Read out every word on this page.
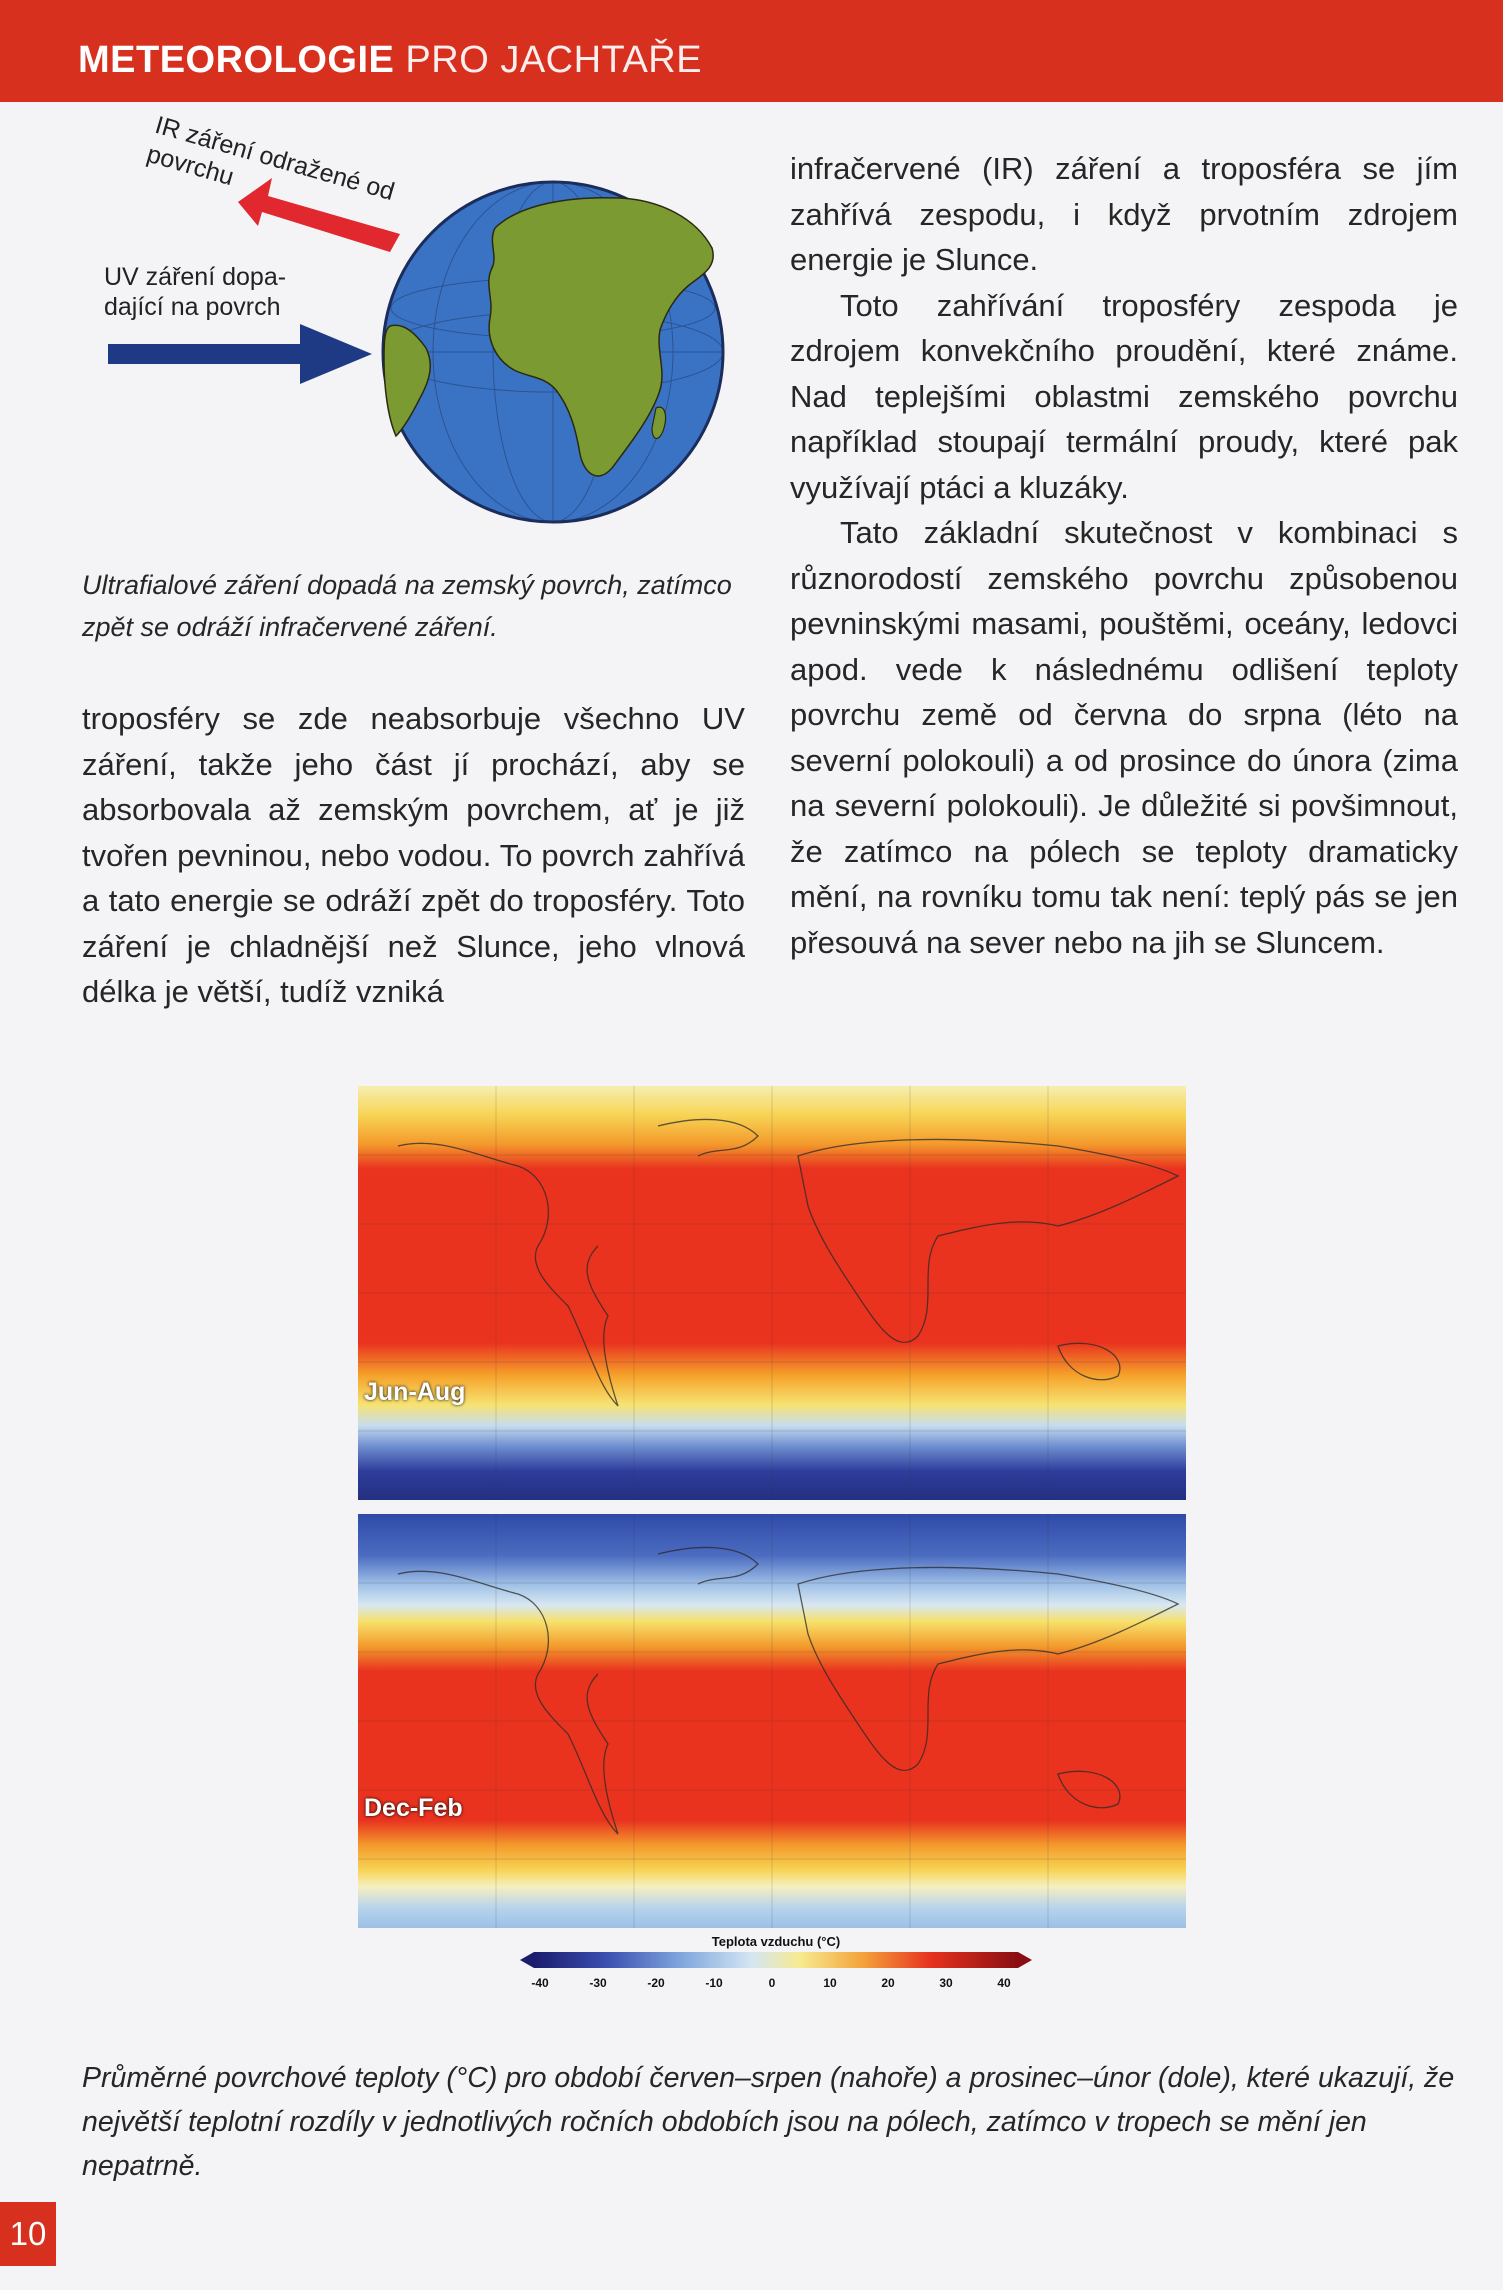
METEOROLOGIE PRO JACHTAŘE
IR záření odražené od povrchu
UV záření dopa-dající na povrch
Ultrafialové záření dopadá na zemský povrch, zatímco zpět se odráží infračervené záření.

troposféry se zde neabsorbuje všechno UV záření, takže jeho část jí prochází, aby se absorbovala až zemským povrchem, ať je již tvořen pevninou, nebo vodou. To povrch zahřívá a tato energie se odráží zpět do troposféry. Toto záření je chladnější než Slunce, jeho vlnová délka je větší, tudíž vzniká

infračervené (IR) záření a troposféra se jím zahřívá zespodu, i když prvotním zdrojem energie je Slunce.

Toto zahřívání troposféry zespoda je zdrojem konvekčního proudění, které známe. Nad teplejšími oblastmi zemského povrchu například stoupají termální proudy, které pak využívají ptáci a kluzáky.

Tato základní skutečnost v kombinaci s různorodostí zemského povrchu způsobenou pevninskými masami, pouštěmi, oceány, ledovci apod. vede k následnému odlišení teploty povrchu země od června do srpna (léto na severní polokouli) a od prosince do února (zima na severní polokouli). Je důležité si povšimnout, že zatímco na pólech se teploty dramaticky mění, na rovníku tomu tak není: teplý pás se jen přesouvá na sever nebo na jih se Sluncem.

Jun-Aug
Dec-Feb
Teplota vzduchu (°C)
-40	-30	-20	-10	0	10	20	30	40
Průměrné povrchové teploty (°C) pro období červen–srpen (nahoře) a prosinec–únor (dole), které ukazují, že největší teplotní rozdíly v jednotlivých ročních obdobích jsou na pólech, zatímco v tropech se mění jen nepatrně.
10
